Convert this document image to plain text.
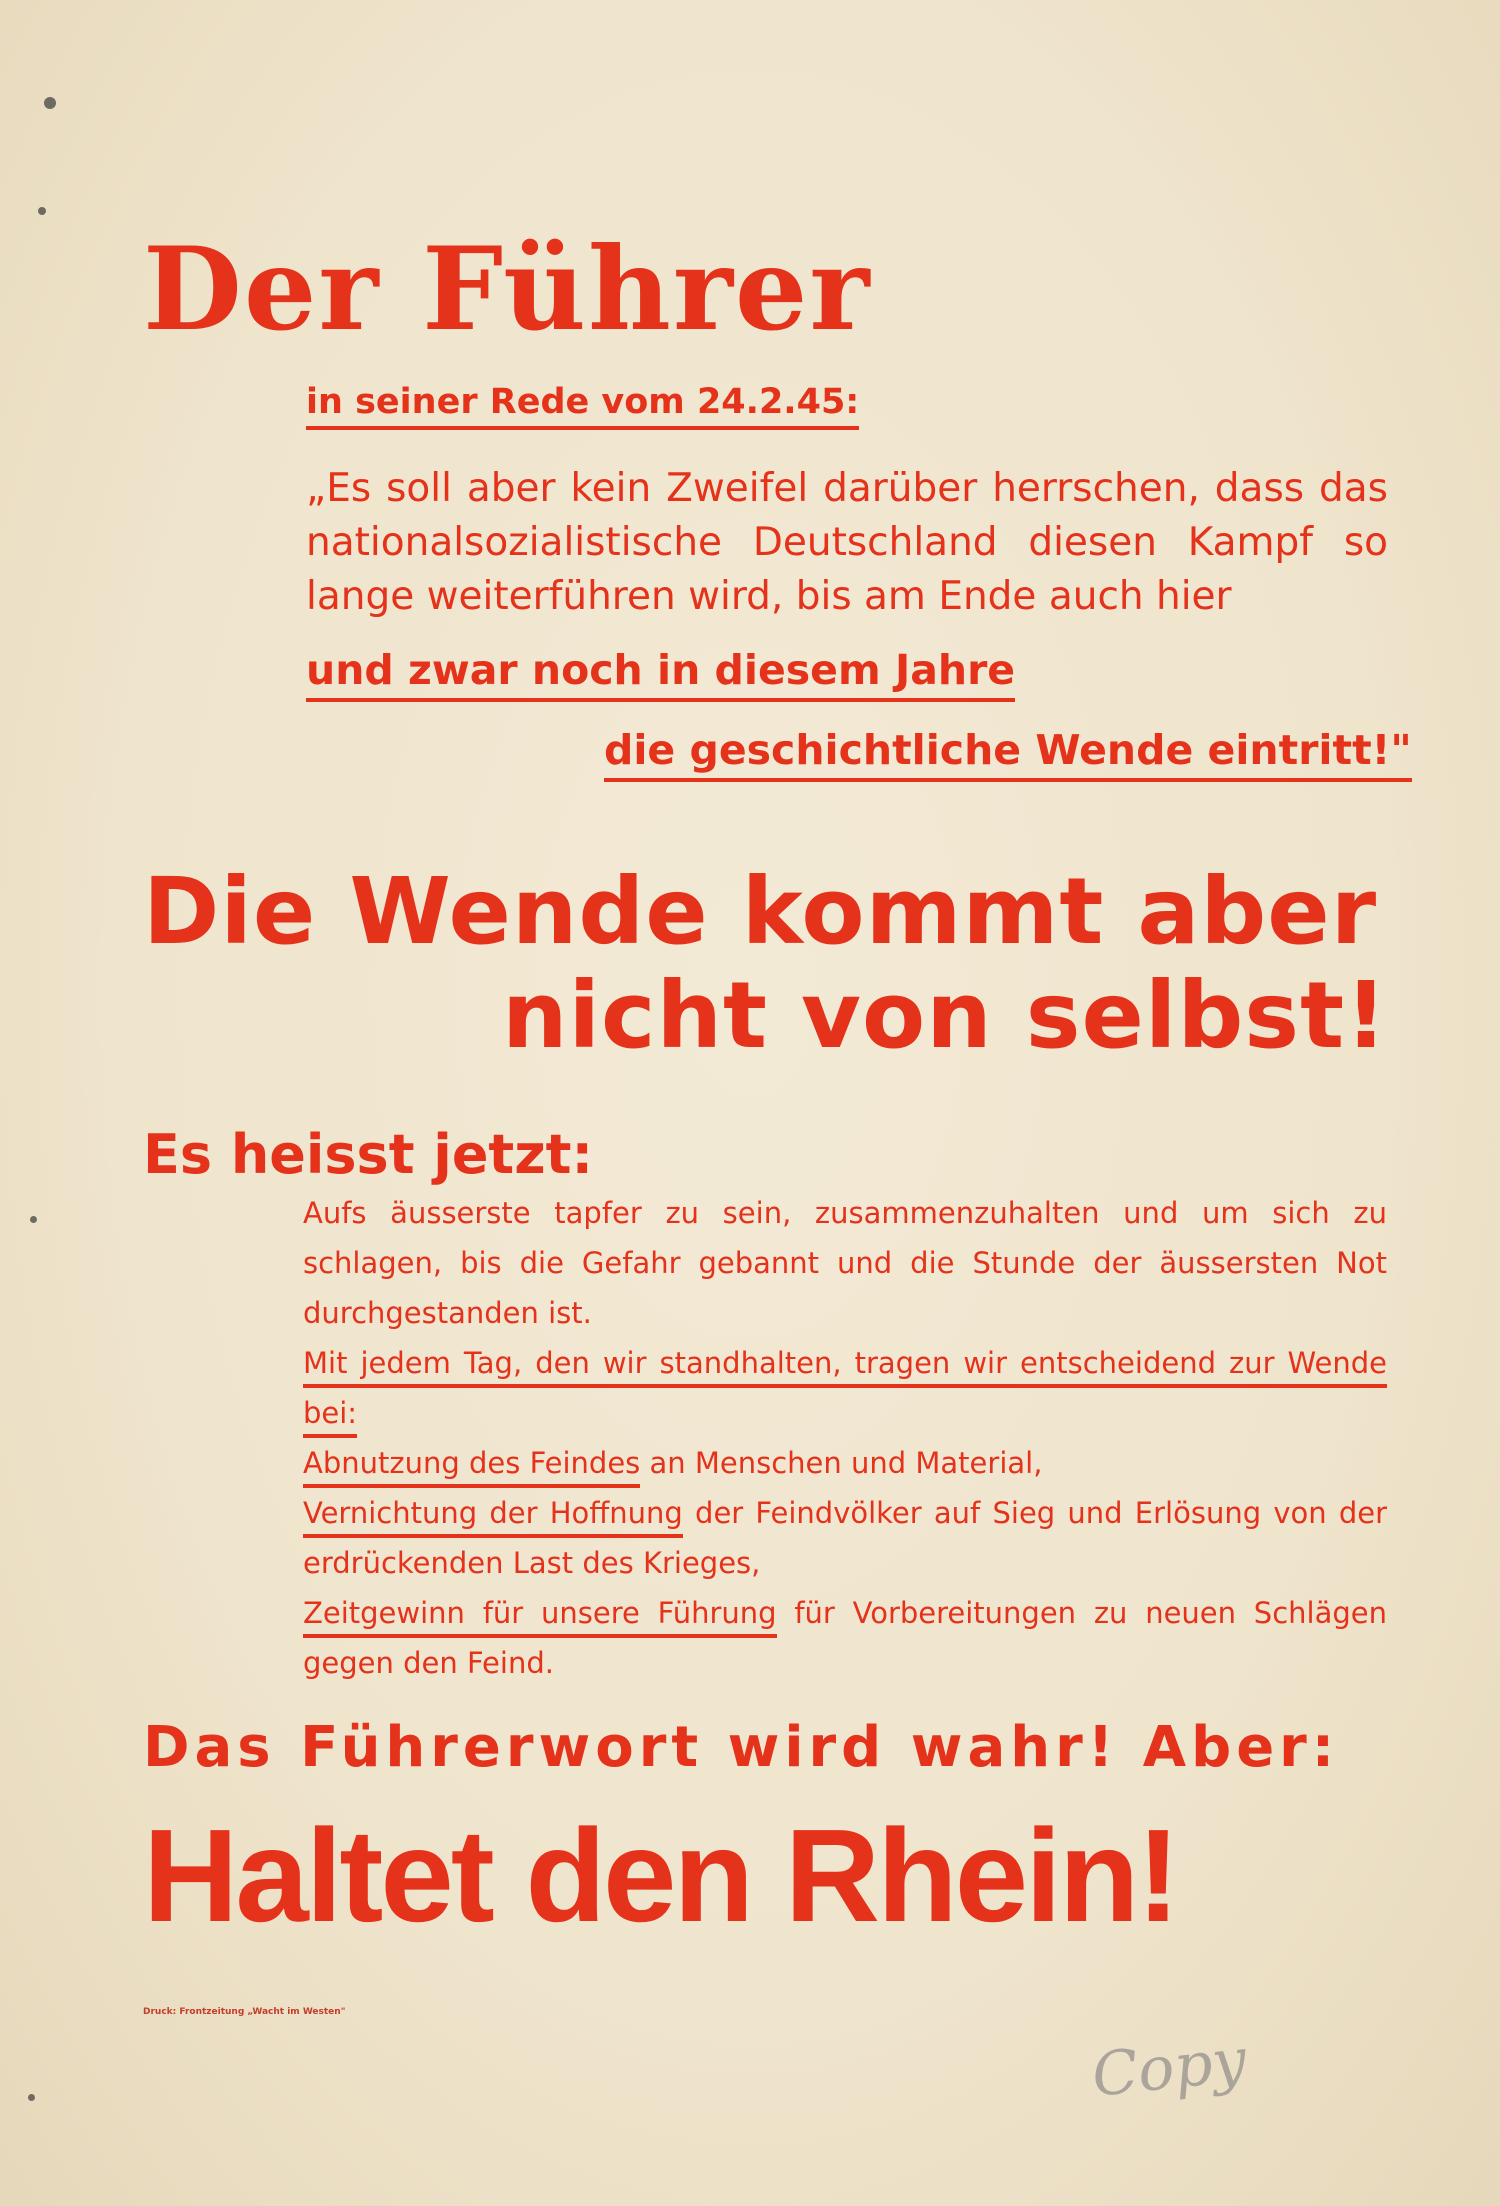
Der Führer
in seiner Rede vom 24.2.45:
„Es soll aber kein Zweifel darüber herrschen, dass das nationalsozialistische Deutschland diesen Kampf so lange weiterführen wird, bis am Ende auch hier
und zwar noch in diesem Jahre
die geschichtliche Wende eintritt!"
Die Wende kommt aber
nicht von selbst!
Es heisst jetzt:

Aufs äusserste tapfer zu sein, zusammenzuhalten und um sich zu schlagen, bis die Gefahr gebannt und die Stunde der äussersten Not durchgestanden ist.

Mit jedem Tag, den wir standhalten, tragen wir entscheidend zur Wende bei:

Abnutzung des Feindes an Menschen und Material,

Vernichtung der Hoffnung der Feindvölker auf Sieg und Erlösung von der erdrückenden Last des Krieges,

Zeitgewinn für unsere Führung für Vorbereitungen zu neuen Schlägen gegen den Feind.

Das Führerwort wird wahr! Aber:
Haltet den Rhein!
Druck: Frontzeitung „Wacht im Westen"
Copy
